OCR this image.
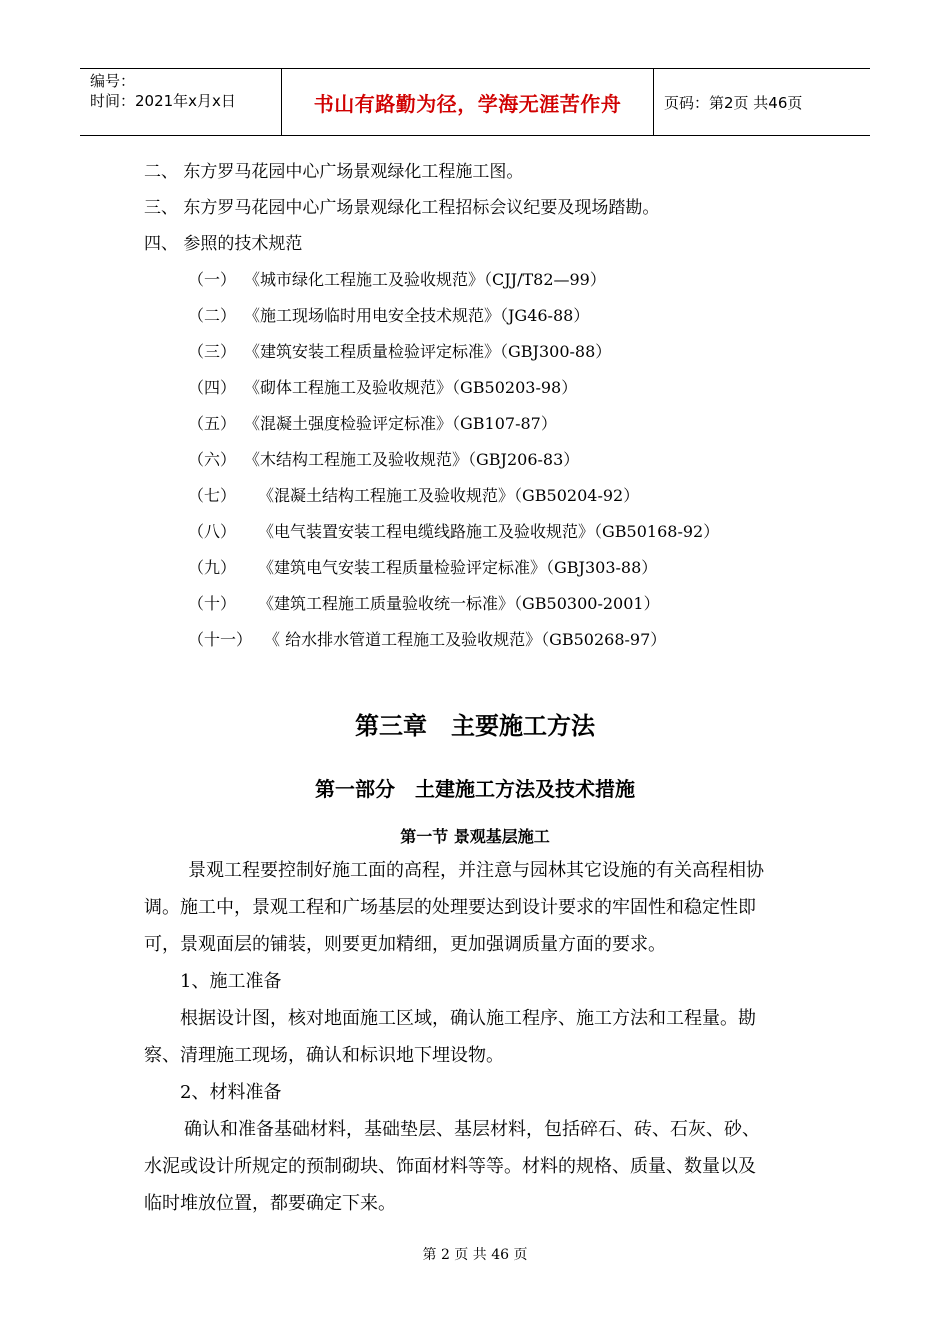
编号：
时间：2021年x月x日	书山有路勤为径，学海无涯苦作舟	页码：第2页 共46页
二、 东方罗马花园中心广场景观绿化工程施工图。
三、 东方罗马花园中心广场景观绿化工程招标会议纪要及现场踏勘。
四、 参照的技术规范
（一） 《城市绿化工程施工及验收规范》（CJJ/T82—99）
（二） 《施工现场临时用电安全技术规范》（JG46-88）
（三） 《建筑安装工程质量检验评定标准》（GBJ300-88）
（四） 《砌体工程施工及验收规范》（GB50203-98）
（五） 《混凝土强度检验评定标准》（GB107-87）
（六） 《木结构工程施工及验收规范》（GBJ206-83）
（七） 《混凝土结构工程施工及验收规范》（GB50204-92）
（八） 《电气装置安装工程电缆线路施工及验收规范》（GB50168-92）
（九） 《建筑电气安装工程质量检验评定标准》（GBJ303-88）
（十） 《建筑工程施工质量验收统一标准》（GB50300-2001）
（十一） 《 给水排水管道工程施工及验收规范》（GB50268-97）
第三章　主要施工方法
第一部分　土建施工方法及技术措施
第一节 景观基层施工
景观工程要控制好施工面的高程，并注意与园林其它设施的有关高程相协
调。施工中，景观工程和广场基层的处理要达到设计要求的牢固性和稳定性即
可，景观面层的铺装，则要更加精细，更加强调质量方面的要求。
1、施工准备
根据设计图，核对地面施工区域，确认施工程序、施工方法和工程量。勘
察、清理施工现场，确认和标识地下埋设物。
2、材料准备
确认和准备基础材料，基础垫层、基层材料，包括碎石、砖、石灰、砂、
水泥或设计所规定的预制砌块、饰面材料等等。材料的规格、质量、数量以及
临时堆放位置，都要确定下来。
第 2 页 共 46 页
